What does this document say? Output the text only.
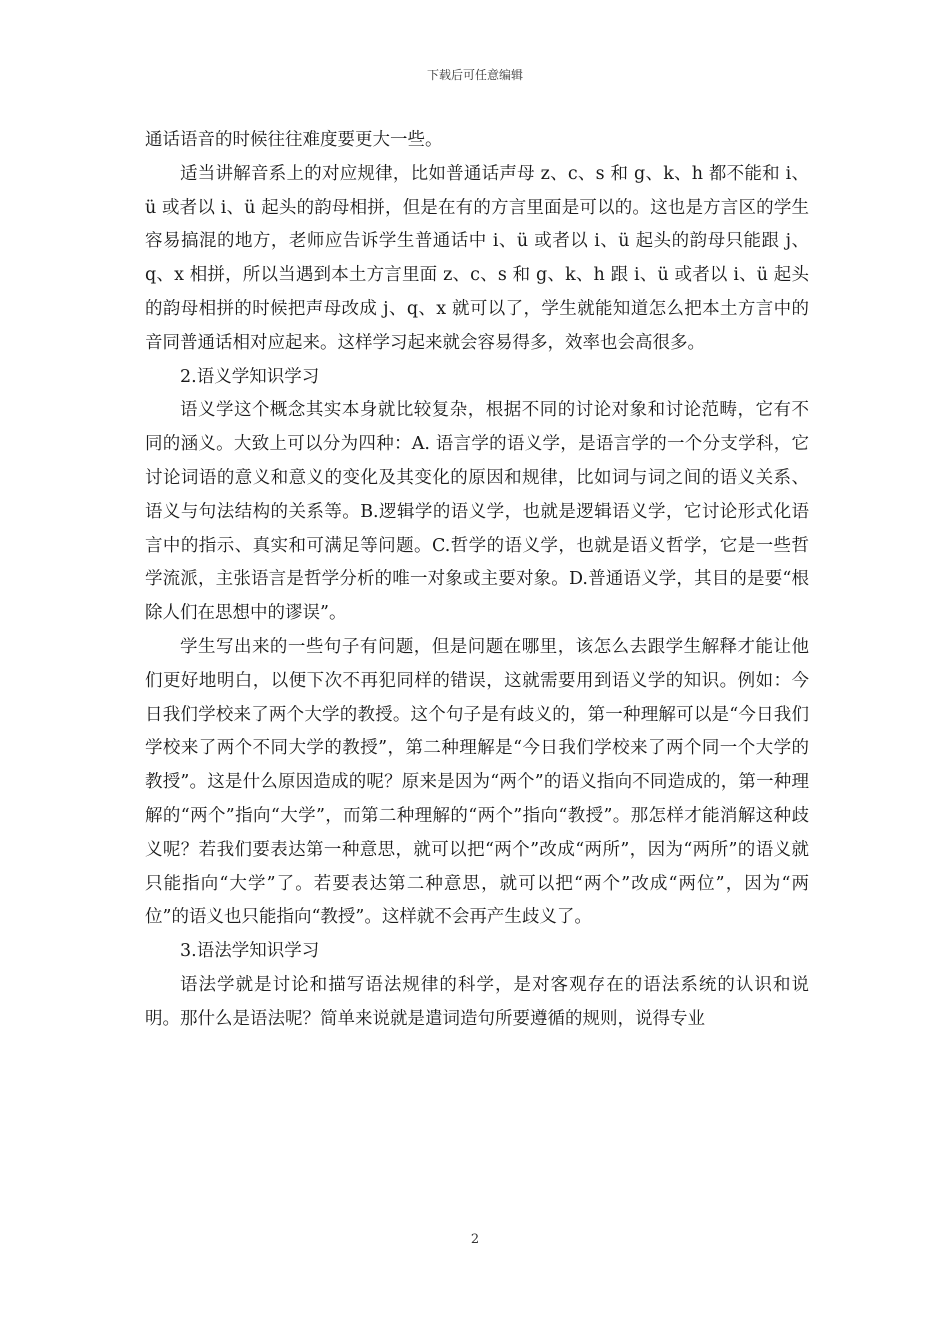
下载后可任意编辑

通话语音的时候往往难度要更大一些。

适当讲解音系上的对应规律，比如普通话声母 z、c、s 和 g、k、h 都不能和 i、ü 或者以 i、ü 起头的韵母相拼，但是在有的方言里面是可以的。这也是方言区的学生容易搞混的地方，老师应告诉学生普通话中 i、ü 或者以 i、ü 起头的韵母只能跟 j、q、x 相拼，所以当遇到本土方言里面 z、c、s 和 g、k、h 跟 i、ü 或者以 i、ü 起头的韵母相拼的时候把声母改成 j、q、x 就可以了，学生就能知道怎么把本土方言中的音同普通话相对应起来。这样学习起来就会容易得多，效率也会高很多。

2.语义学知识学习

语义学这个概念其实本身就比较复杂，根据不同的讨论对象和讨论范畴，它有不同的涵义。大致上可以分为四种：A. 语言学的语义学，是语言学的一个分支学科，它讨论词语的意义和意义的变化及其变化的原因和规律，比如词与词之间的语义关系、语义与句法结构的关系等。B.逻辑学的语义学，也就是逻辑语义学，它讨论形式化语言中的指示、真实和可满足等问题。C.哲学的语义学，也就是语义哲学，它是一些哲学流派，主张语言是哲学分析的唯一对象或主要对象。D.普通语义学，其目的是要“根除人们在思想中的谬误”。

学生写出来的一些句子有问题，但是问题在哪里，该怎么去跟学生解释才能让他们更好地明白，以便下次不再犯同样的错误，这就需要用到语义学的知识。例如：今日我们学校来了两个大学的教授。这个句子是有歧义的，第一种理解可以是“今日我们学校来了两个不同大学的教授”，第二种理解是“今日我们学校来了两个同一个大学的教授”。这是什么原因造成的呢？原来是因为“两个”的语义指向不同造成的，第一种理解的“两个”指向“大学”，而第二种理解的“两个”指向“教授”。那怎样才能消解这种歧义呢？若我们要表达第一种意思，就可以把“两个”改成“两所”，因为“两所”的语义就只能指向“大学”了。若要表达第二种意思，就可以把“两个”改成“两位”，因为“两位”的语义也只能指向“教授”。这样就不会再产生歧义了。

3.语法学知识学习

语法学就是讨论和描写语法规律的科学，是对客观存在的语法系统的认识和说明。那什么是语法呢？简单来说就是遣词造句所要遵循的规则，说得专业

2
